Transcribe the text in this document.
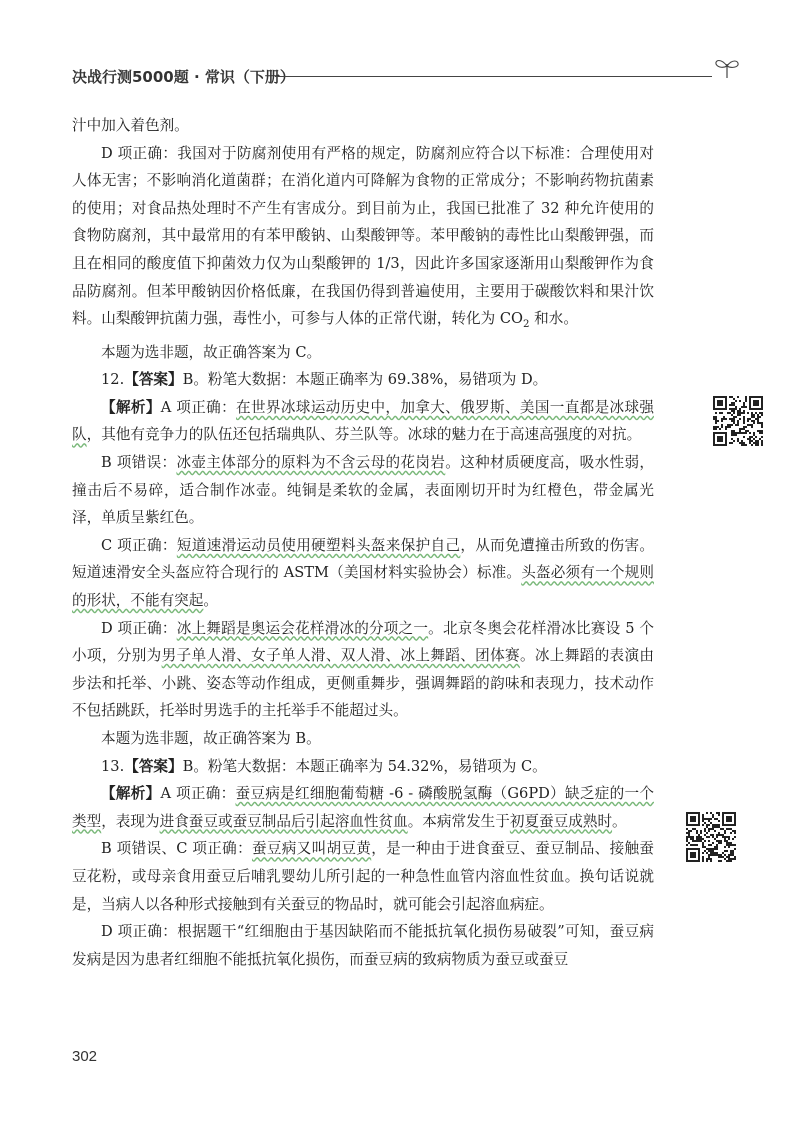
决战行测5000题 · 常识（下册）

汁中加入着色剂。

D 项正确：我国对于防腐剂使用有严格的规定，防腐剂应符合以下标准：合理使用对人体无害；不影响消化道菌群；在消化道内可降解为食物的正常成分；不影响药物抗菌素的使用；对食品热处理时不产生有害成分。到目前为止，我国已批准了 32 种允许使用的食物防腐剂，其中最常用的有苯甲酸钠、山梨酸钾等。苯甲酸钠的毒性比山梨酸钾强，而且在相同的酸度值下抑菌效力仅为山梨酸钾的 1/3，因此许多国家逐渐用山梨酸钾作为食品防腐剂。但苯甲酸钠因价格低廉，在我国仍得到普遍使用，主要用于碳酸饮料和果汁饮料。山梨酸钾抗菌力强，毒性小，可参与人体的正常代谢，转化为 $CO_2$ 和水。

本题为选非题，故正确答案为 C。

12.【答案】B。粉笔大数据：本题正确率为 69.38%，易错项为 D。

【解析】A 项正确：在世界冰球运动历史中，加拿大、俄罗斯、美国一直都是冰球强队，其他有竞争力的队伍还包括瑞典队、芬兰队等。冰球的魅力在于高速高强度的对抗。

B 项错误：冰壶主体部分的原料为不含云母的花岗岩。这种材质硬度高，吸水性弱，撞击后不易碎，适合制作冰壶。纯铜是柔软的金属，表面刚切开时为红橙色，带金属光泽，单质呈紫红色。

C 项正确：短道速滑运动员使用硬塑料头盔来保护自己，从而免遭撞击所致的伤害。短道速滑安全头盔应符合现行的 ASTM（美国材料实验协会）标准。头盔必须有一个规则的形状，不能有突起。

D 项正确：冰上舞蹈是奥运会花样滑冰的分项之一。北京冬奥会花样滑冰比赛设 5 个小项，分别为男子单人滑、女子单人滑、双人滑、冰上舞蹈、团体赛。冰上舞蹈的表演由步法和托举、小跳、姿态等动作组成，更侧重舞步，强调舞蹈的韵味和表现力，技术动作不包括跳跃，托举时男选手的主托举手不能超过头。

本题为选非题，故正确答案为 B。

13.【答案】B。粉笔大数据：本题正确率为 54.32%，易错项为 C。

【解析】A 项正确：蚕豆病是红细胞葡萄糖 -6 - 磷酸脱氢酶（G6PD）缺乏症的一个类型，表现为进食蚕豆或蚕豆制品后引起溶血性贫血。本病常发生于初夏蚕豆成熟时。

B 项错误、C 项正确：蚕豆病又叫胡豆黄，是一种由于进食蚕豆、蚕豆制品、接触蚕豆花粉，或母亲食用蚕豆后哺乳婴幼儿所引起的一种急性血管内溶血性贫血。换句话说就是，当病人以各种形式接触到有关蚕豆的物品时，就可能会引起溶血病症。

D 项正确：根据题干“红细胞由于基因缺陷而不能抵抗氧化损伤易破裂”可知，蚕豆病发病是因为患者红细胞不能抵抗氧化损伤，而蚕豆病的致病物质为蚕豆或蚕豆

302
